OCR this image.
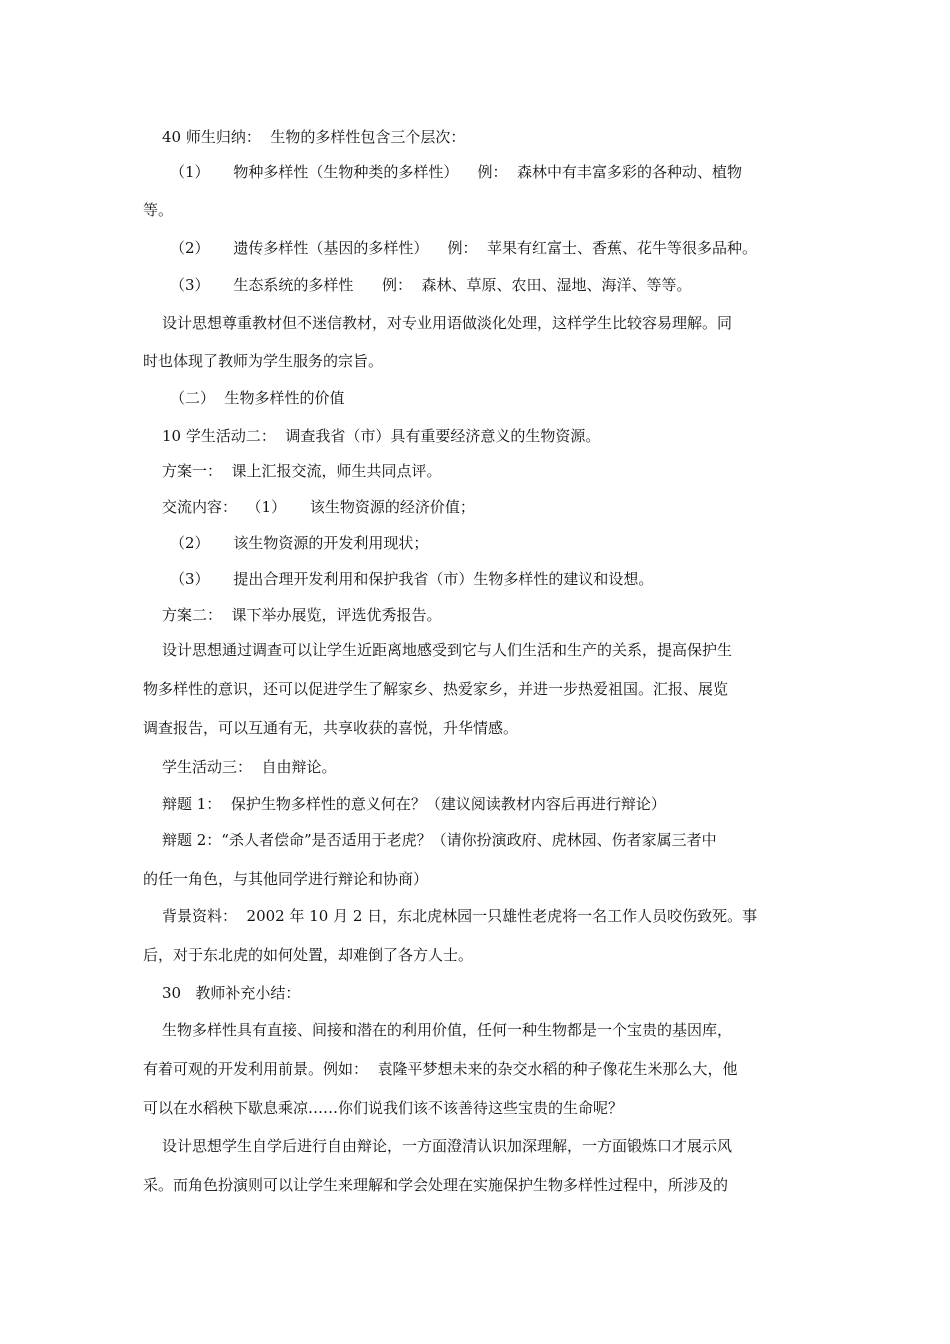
40 师生归纳：  生物的多样性包含三个层次：

（1）     物种多样性（生物种类的多样性）    例：  森林中有丰富多彩的各种动、植物

等。

（2）     遗传多样性（基因的多样性）    例：  苹果有红富士、香蕉、花牛等很多品种。

（3）     生态系统的多样性      例：  森林、草原、农田、湿地、海洋、等等。

设计思想尊重教材但不迷信教材，对专业用语做淡化处理，这样学生比较容易理解。同

时也体现了教师为学生服务的宗旨。

（二）  生物多样性的价值

10 学生活动二：  调查我省（市）具有重要经济意义的生物资源。

方案一：  课上汇报交流，师生共同点评。

交流内容：  （1）     该生物资源的经济价值；

（2）     该生物资源的开发利用现状；

（3）     提出合理开发利用和保护我省（市）生物多样性的建议和设想。

方案二：  课下举办展览，评选优秀报告。

设计思想通过调查可以让学生近距离地感受到它与人们生活和生产的关系，提高保护生

物多样性的意识，还可以促进学生了解家乡、热爱家乡，并进一步热爱祖国。汇报、展览

调查报告，可以互通有无，共享收获的喜悦，升华情感。

学生活动三：  自由辩论。

辩题 1：  保护生物多样性的意义何在？（建议阅读教材内容后再进行辩论）

辩题 2：“杀人者偿命”是否适用于老虎？（请你扮演政府、虎林园、伤者家属三者中

的任一角色，与其他同学进行辩论和协商）

背景资料：  2002 年 10 月 2 日，东北虎林园一只雄性老虎将一名工作人员咬伤致死。事

后，对于东北虎的如何处置，却难倒了各方人士。

30   教师补充小结：

生物多样性具有直接、间接和潜在的利用价值，任何一种生物都是一个宝贵的基因库，

有着可观的开发利用前景。例如：  袁隆平梦想未来的杂交水稻的种子像花生米那么大，他

可以在水稻秧下歇息乘凉……你们说我们该不该善待这些宝贵的生命呢？

设计思想学生自学后进行自由辩论，一方面澄清认识加深理解，一方面锻炼口才展示风

采。而角色扮演则可以让学生来理解和学会处理在实施保护生物多样性过程中，所涉及的
